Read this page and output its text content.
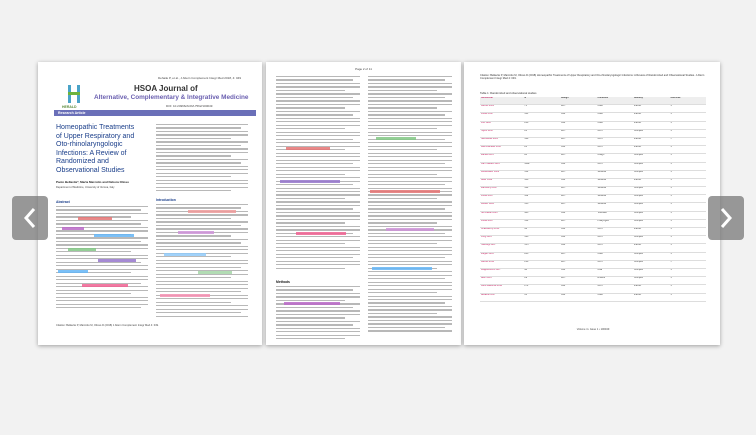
Dehaile P, et al., J Altern Complement Integr Med 2018, 4: 049
HERALD
HSOA Journal of
Alternative, Complementary & Integrative Medicine
DOI: 10.24966/ACIM-7562/100049
Research Article
Homeopathic Treatments of Upper Respiratory and Oto-rhinolaryngologic Infections: A Review of Randomized and Observational Studies
Paolo Bellavite*, Marta Marzotto and Debora Olioso
Department of Medicine, University of Verona, Italy
Abstract	Introduction
Citation: Bellavite P, Marzotto M, Olioso D (2018) J Altern Complement Integr Med 4: 049.
Page 2 of 11
Methods
Citation: Bellavite P, Marzotto M, Olioso D (2018) Homeopathic Treatments of Upper Respiratory and Oto-rhinolaryngologic Infections: A Review of Randomized and Observational Studies. J Altern Complement Integr Med 4: 049.
Table 1: Randomized and observational studies
Author/Ref	N	Design	Condition	Remedy	Outcome
Jacobs 2001	75	RCT	Otitis	Individ.	+
Friese 1997	131	Obs	Otitis	Individ.	+
Frei 1999	230	Obs	Otitis	Individ.	+
Taylor 2011	81	RCT	URTI	Complex	+
Steinsbekk 2005	169	RCT	URTI	Individ.	=
Ramchandani 2010	24	Obs	URTI	Individ.	+
Zanasi 2014	80	RCT	Cough	Complex	+
Van Haselen 2016	1082	Obs	URTI	Complex	+
Wiesenauer 1989	152	RCT	Sinusitis	Complex	+
Adler 1999	100	Obs	Sinusitis	Individ.	+
Zabolotnyi 2007	144	RCT	Sinusitis	Complex	+
Friese 2007	119	RCT	Sinusitis	Complex	+
Weiser 1994	155	RCT	Sinusitis	Complex	+
Schmiedel 2006	485	Obs	Tonsillitis	Complex	+
Friese 2007	154	RCT	Pharyngitis	Complex	+
Chakraborty 2014	92	Obs	URTI	Individ.	+
Jong 2016	523	Obs	URTI	Complex	+
Haidvogl 2007	1577	Obs	URTI	Individ.	+
Ziegler 2016	203	RCT	Otitis	Complex	+
Jacobs 2016	210	RCT	URTI	Complex	=
Wagenknecht 2017	98	Obs	Cold	Complex	+
Beer 2016	89	RCT	Rhinitis	Complex	+
Klein-Laansma 2018	274	Obs	URTI	Individ.	+
Bellavite 2017	61	Obs	Otitis	Individ.	+
Volume 4 • Issue 1 • 100049
